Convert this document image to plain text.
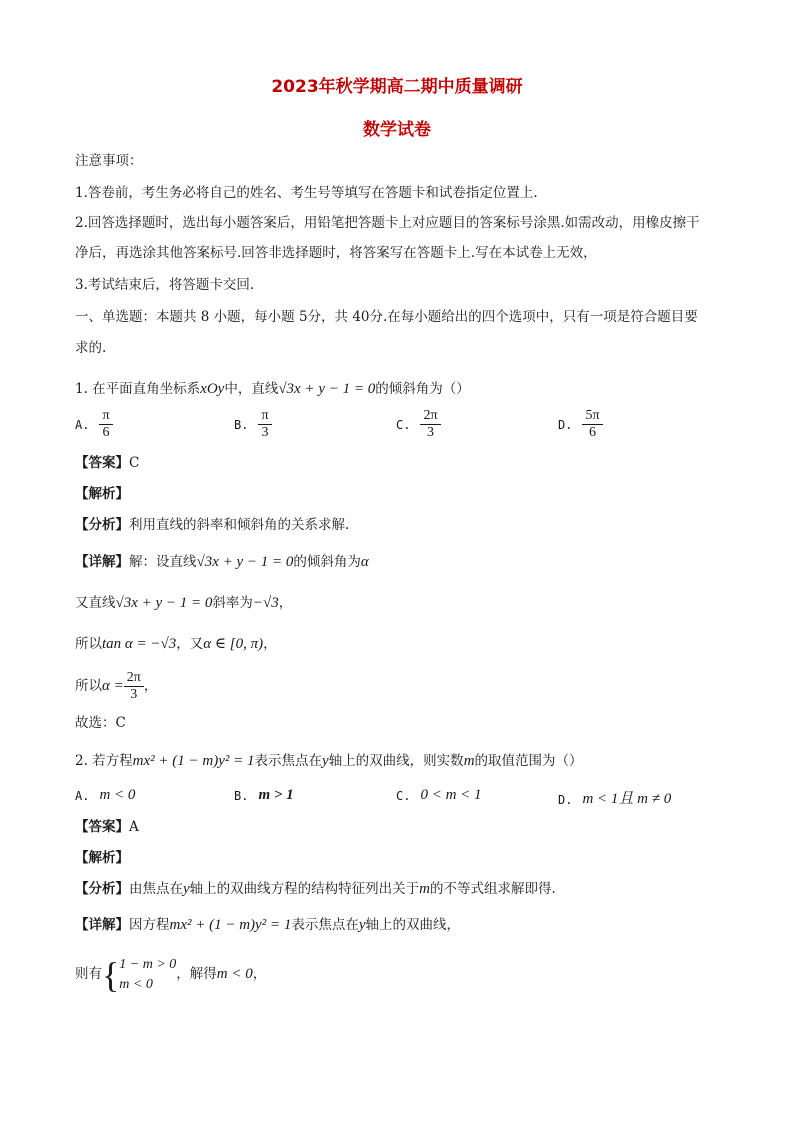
2023年秋学期高二期中质量调研
数学试卷
注意事项：
1.答卷前，考生务必将自己的姓名、考生号等填写在答题卡和试卷指定位置上.
2.回答选择题时，选出每小题答案后，用铅笔把答题卡上对应题目的答案标号涂黑.如需改动，用橡皮擦干
净后，再选涂其他答案标号.回答非选择题时，将答案写在答题卡上.写在本试卷上无效，
3.考试结束后，将答题卡交回.
一、单选题：本题共 8 小题，每小题 5分，共 40分.在每小题给出的四个选项中，只有一项是符合题目要
求的.
1. 在平面直角坐标系xOy中，直线√3x + y − 1 = 0的倾斜角为（）
A. $\frac{\pi}{6}$	B. $\frac{\pi}{3}$	C. $\frac{2\pi}{3}$	D. $\frac{5\pi}{6}$
【答案】C
【解析】
【分析】利用直线的斜率和倾斜角的关系求解.
【详解】解：设直线√3x + y − 1 = 0的倾斜角为α
又直线√3x + y − 1 = 0斜率为−√3，
所以tan α = −√3，又α ∈ [0, π)，
所以$\alpha = \frac{2\pi}{3}$ ，
故选：C
2. 若方程mx² + (1 − m)y² = 1表示焦点在y轴上的双曲线，则实数m的取值范围为（）
A. m < 0	B. m > 1	C. 0 < m < 1	D. m < 1且 m ≠ 0
【答案】A
【解析】
【分析】由焦点在y轴上的双曲线方程的结构特征列出关于m的不等式组求解即得.
【详解】因方程mx² + (1 − m)y² = 1表示焦点在y轴上的双曲线，
则有{ 1 − m > 0
m < 0
，解得m < 0，
